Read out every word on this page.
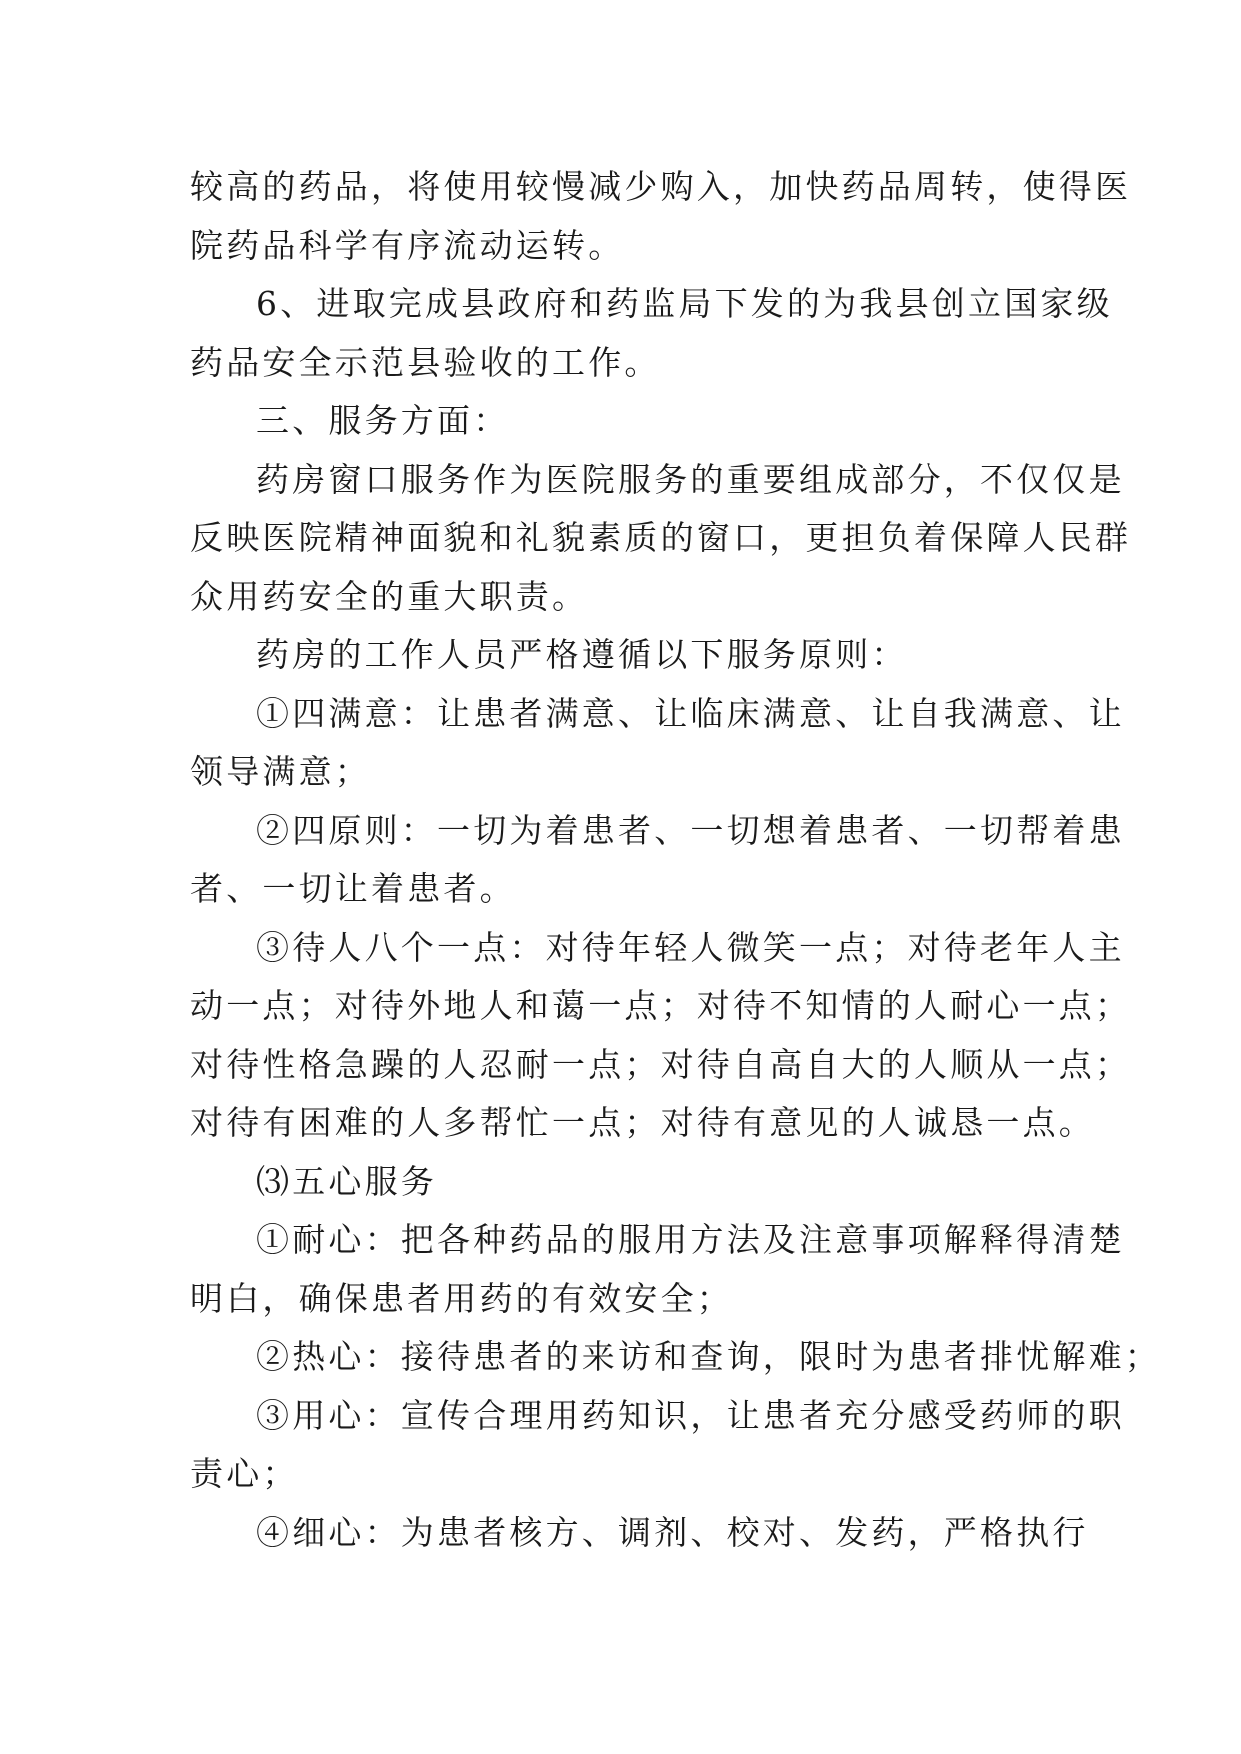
较高的药品，将使用较慢减少购入，加快药品周转，使得医
院药品科学有序流动运转。
6、进取完成县政府和药监局下发的为我县创立国家级
药品安全示范县验收的工作。
三、服务方面：
药房窗口服务作为医院服务的重要组成部分，不仅仅是
反映医院精神面貌和礼貌素质的窗口，更担负着保障人民群
众用药安全的重大职责。
药房的工作人员严格遵循以下服务原则：
①四满意：让患者满意、让临床满意、让自我满意、让
领导满意；
②四原则：一切为着患者、一切想着患者、一切帮着患
者、一切让着患者。
③待人八个一点：对待年轻人微笑一点；对待老年人主
动一点；对待外地人和蔼一点；对待不知情的人耐心一点；
对待性格急躁的人忍耐一点；对待自高自大的人顺从一点；
对待有困难的人多帮忙一点；对待有意见的人诚恳一点。
⑶五心服务
①耐心：把各种药品的服用方法及注意事项解释得清楚
明白，确保患者用药的有效安全；
②热心：接待患者的来访和查询，限时为患者排忧解难；
③用心：宣传合理用药知识，让患者充分感受药师的职
责心；
④细心：为患者核方、调剂、校对、发药，严格执行
